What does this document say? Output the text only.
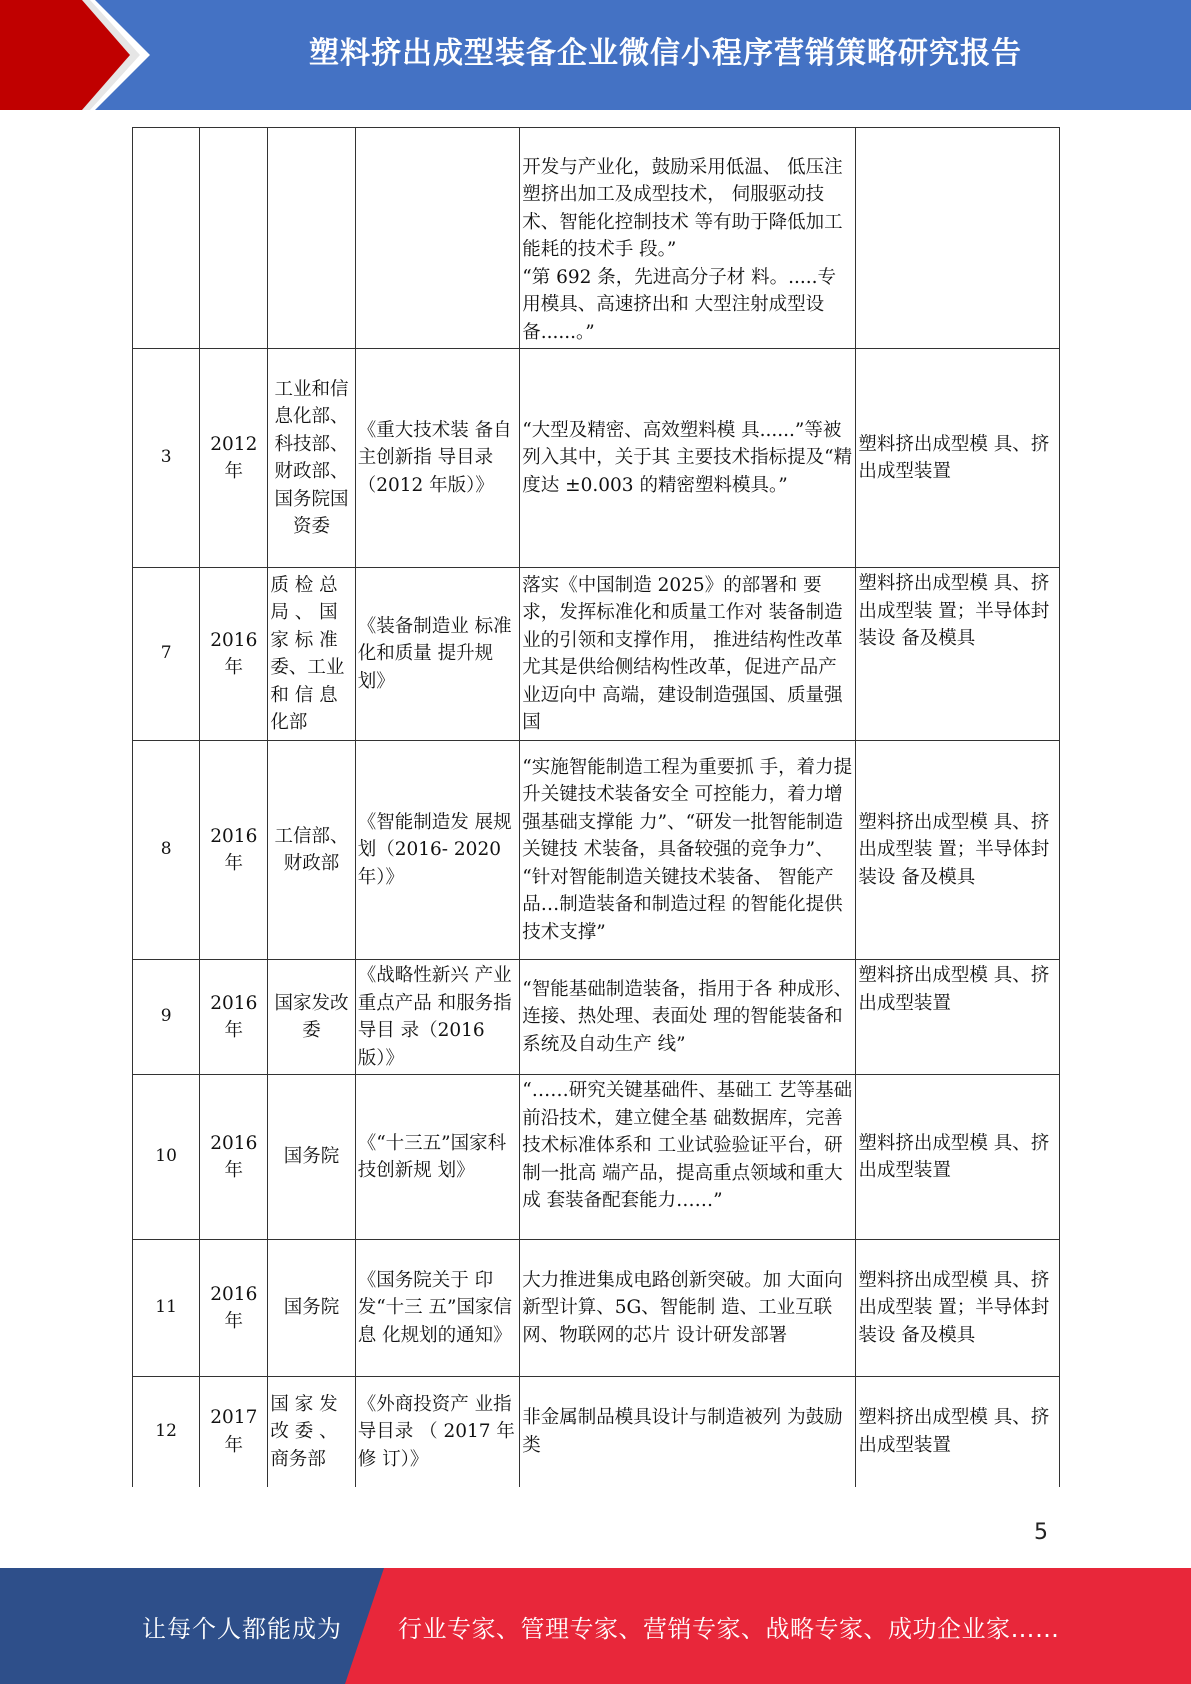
塑料挤出成型装备企业微信小程序营销策略研究报告
				开发与产业化，鼓励采用低温、 低压注塑挤出加工及成型技术， 伺服驱动技术、智能化控制技术 等有助于降低加工能耗的技术手 段。”
“第 692 条，先进高分子材 料。.....专用模具、高速挤出和 大型注射成型设备......。”	
3	2012 年	工业和信息化部、科技部、财政部、国务院国资委	《重大技术装 备自主创新指 导目录（2012 年版）》	“大型及精密、高效塑料模 具......”等被列入其中，关于其 主要技术指标提及“精度达 ±0.003 的精密塑料模具。”	塑料挤出成型模 具、挤出成型装置
7	2016 年	质 检 总 局 、 国 家 标 准 委、工业 和 信 息 化部	《装备制造业 标准化和质量 提升规划》	落实《中国制造 2025》的部署和 要求，发挥标准化和质量工作对 装备制造业的引领和支撑作用， 推进结构性改革尤其是供给侧结构性改革，促进产品产业迈向中 高端，建设制造强国、质量强国	塑料挤出成型模 具、挤出成型装 置；半导体封装设 备及模具
8	2016 年	工信部、财政部	《智能制造发 展规划（2016- 2020 年）》	“实施智能制造工程为重要抓 手，着力提升关键技术装备安全 可控能力，着力增强基础支撑能 力”、“研发一批智能制造关键技 术装备，具备较强的竞争力”、
“针对智能制造关键技术装备、 智能产品…制造装备和制造过程 的智能化提供技术支撑”	塑料挤出成型模 具、挤出成型装 置；半导体封装设 备及模具
9	2016 年	国家发改委	《战略性新兴 产业重点产品 和服务指导目 录（2016 版）》	“智能基础制造装备，指用于各 种成形、连接、热处理、表面处 理的智能装备和系统及自动生产 线”	塑料挤出成型模 具、挤出成型装置
10	2016 年	国务院	《“十三五”国家科技创新规 划》	“……研究关键基础件、基础工 艺等基础前沿技术，建立健全基 础数据库，完善技术标准体系和 工业试验验证平台，研制一批高 端产品，提高重点领域和重大成 套装备配套能力……”	塑料挤出成型模 具、挤出成型装置
11	2016 年	国务院	《国务院关于 印发“十三 五”国家信息 化规划的通知》	大力推进集成电路创新突破。加 大面向新型计算、5G、智能制 造、工业互联网、物联网的芯片 设计研发部署	塑料挤出成型模 具、挤出成型装 置；半导体封装设 备及模具
12	2017 年	国 家 发 改 委 、 商务部	《外商投资产 业指导目录 （ 2017 年 修 订）》	非金属制品模具设计与制造被列 为鼓励类	塑料挤出成型模 具、挤出成型装置
5
让每个人都能成为 行业专家、管理专家、营销专家、战略专家、成功企业家……
